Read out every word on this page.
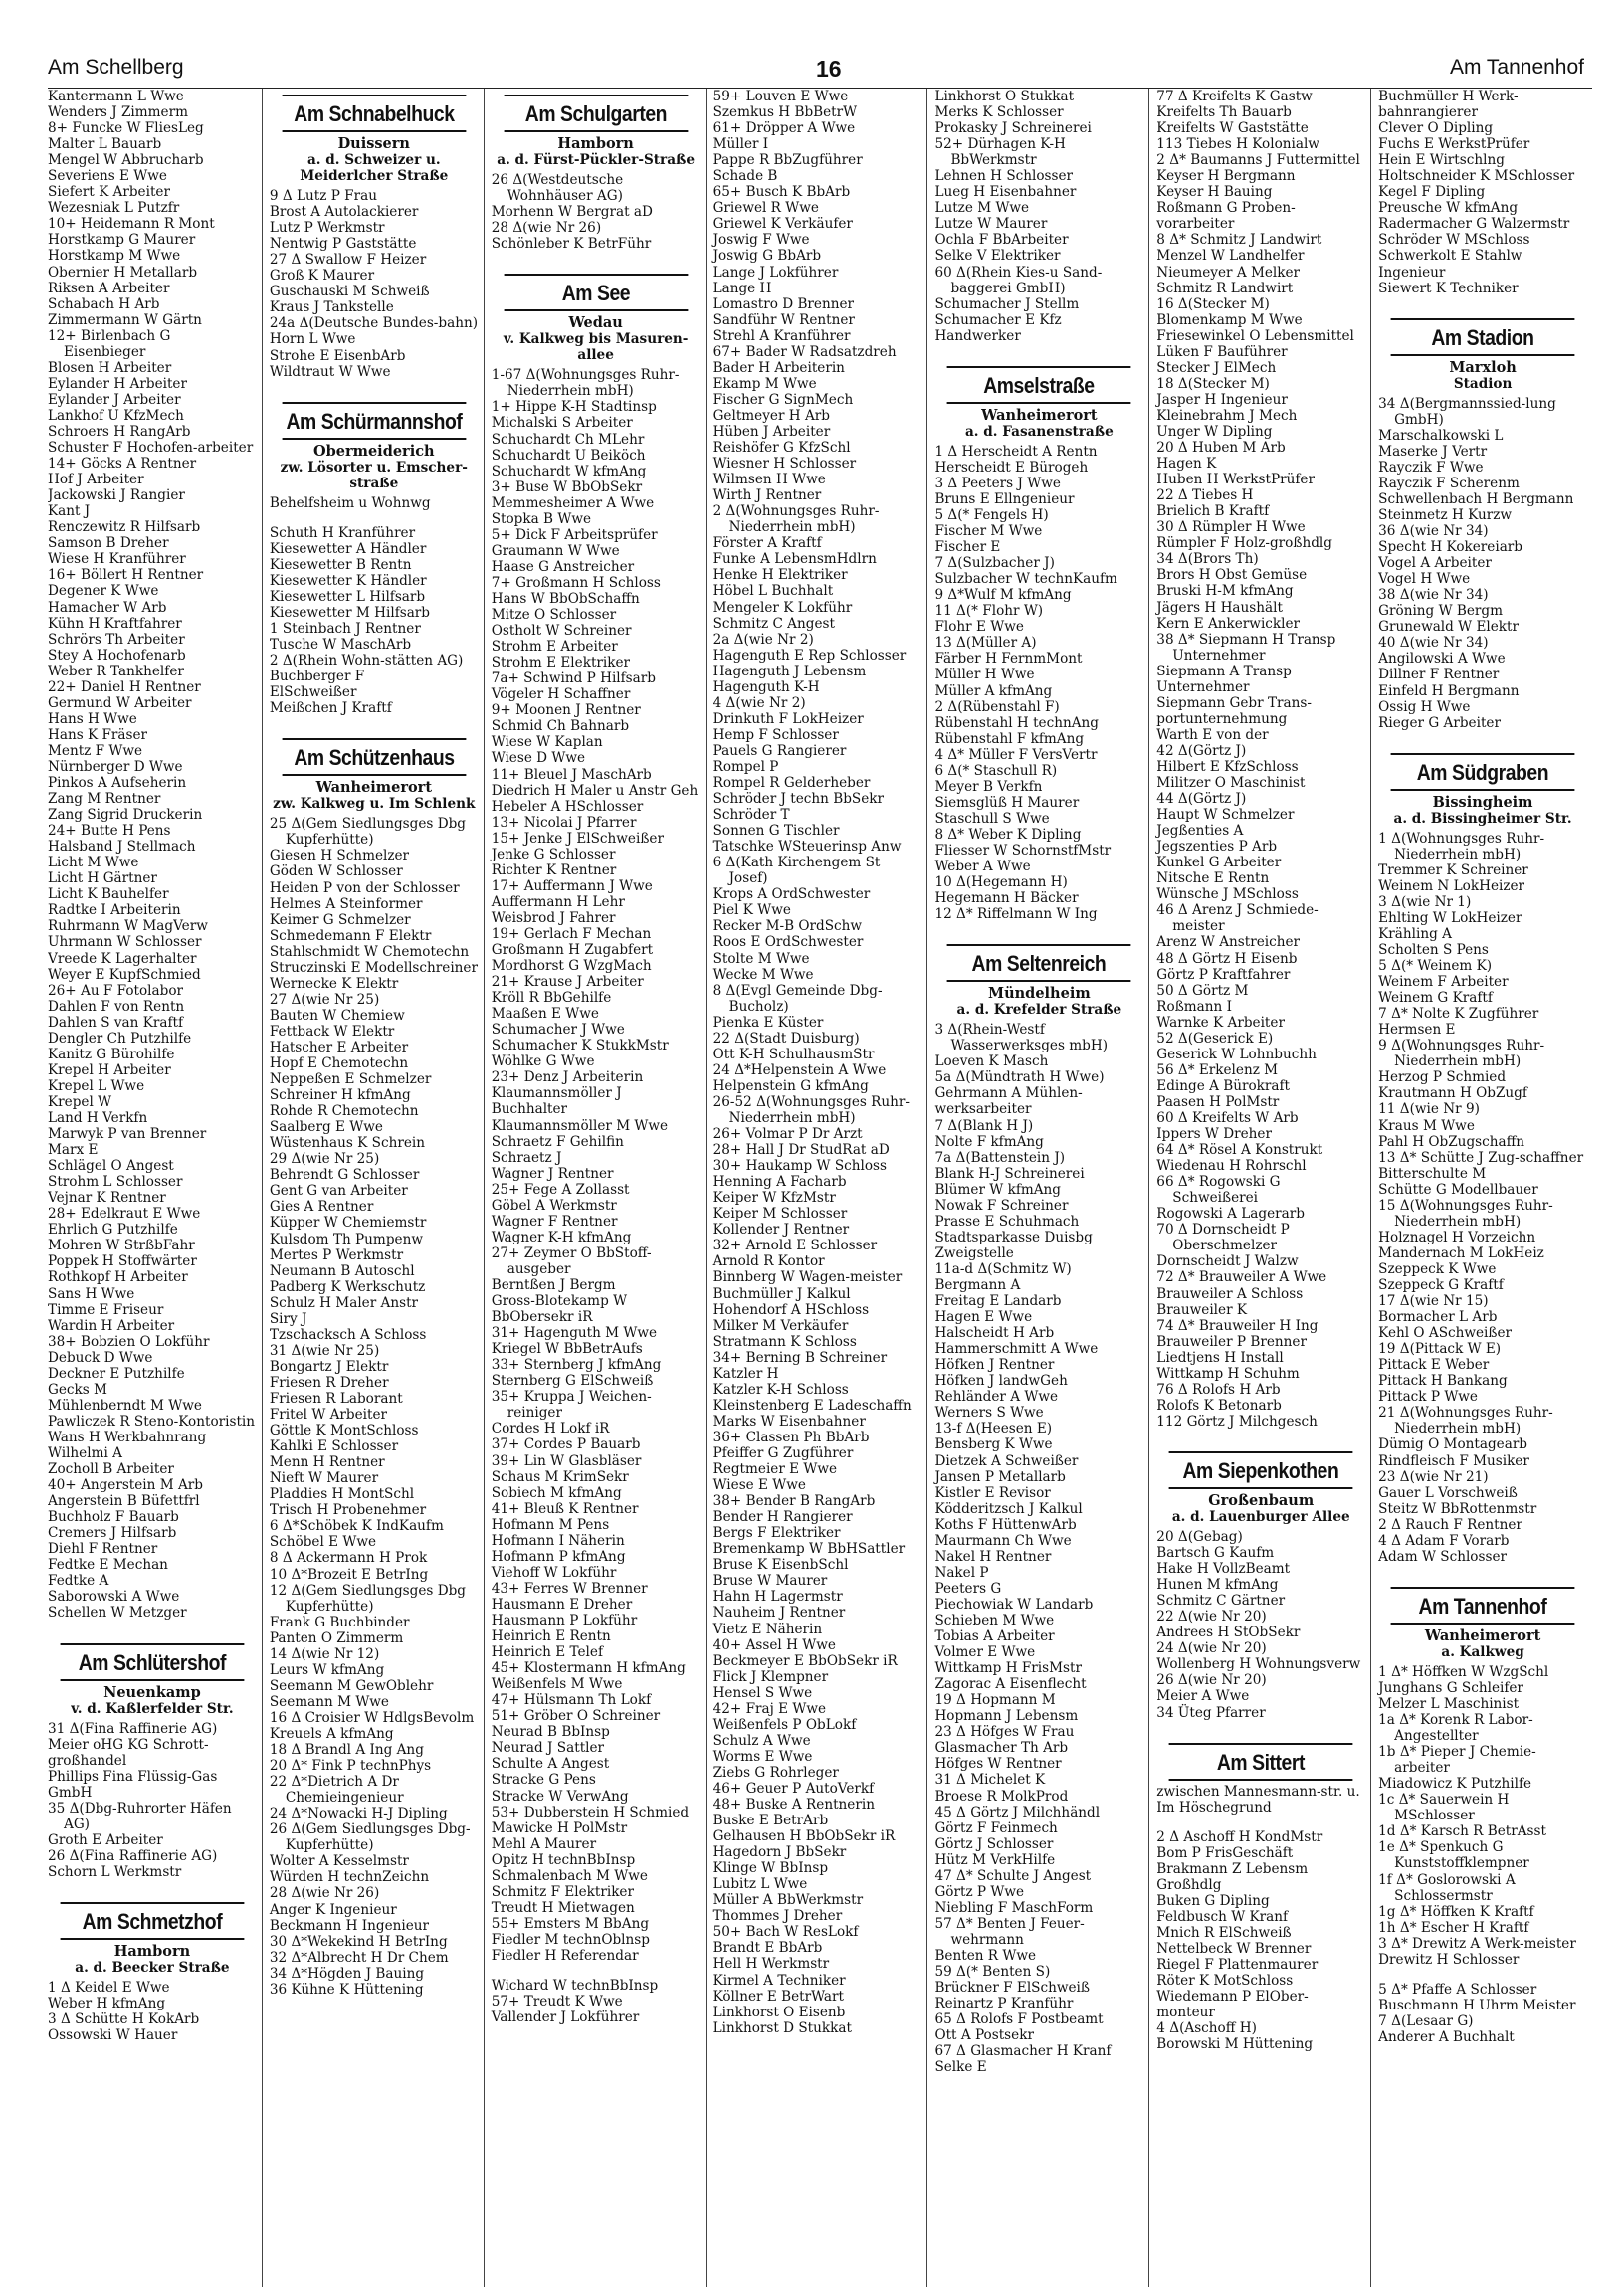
Am Schellberg	16	Am Tannenhof
Kantermann L Wwe
Wenders J Zimmerm
8+ Funcke W FliesLeg
Malter L Bauarb
Mengel W Abbrucharb
Severiens E Wwe
Siefert K Arbeiter
Wezesniak L Putzfr
10+ Heidemann R Mont
Horstkamp G Maurer
Horstkamp M Wwe
Obernier H Metallarb
Riksen A Arbeiter
Schabach H Arb
Zimmermann W Gärtn
12+ Birlenbach G Eisenbieger
Blosen H Arbeiter
Eylander H Arbeiter
Eylander J Arbeiter
Lankhof U KfzMech
Schroers H RangArb
Schuster F Hochofen-arbeiter
14+ Göcks A Rentner
Hof J Arbeiter
Jackowski J Rangier
Kant J
Renczewitz R Hilfsarb
Samson B Dreher
Wiese H Kranführer
16+ Böllert H Rentner
Degener K Wwe
Hamacher W Arb
Kühn H Kraftfahrer
Schrörs Th Arbeiter
Stey A Hochofenarb
Weber R Tankhelfer
22+ Daniel H Rentner
Germund W Arbeiter
Hans H Wwe
Hans K Fräser
Mentz F Wwe
Nürnberger D Wwe
Pinkos A Aufseherin
Zang M Rentner
Zang Sigrid Druckerin
24+ Butte H Pens
Halsband J Stellmach
Licht M Wwe
Licht H Gärtner
Licht K Bauhelfer
Radtke I Arbeiterin
Ruhrmann W MagVerw
Uhrmann W Schlosser
Vreede K Lagerhalter
Weyer E KupfSchmied
26+ Au F Fotolabor
Dahlen F von Rentn
Dahlen S van Kraftf
Dengler Ch Putzhilfe
Kanitz G Bürohilfe
Krepel H Arbeiter
Krepel L Wwe
Krepel W
Land H Verkfn
Marwyk P van Brenner
Marx E
Schlägel O Angest
Strohm L Schlosser
Vejnar K Rentner
28+ Edelkraut E Wwe
Ehrlich G Putzhilfe
Mohren W StrßbFahr
Poppek H Stoffwärter
Rothkopf H Arbeiter
Sans H Wwe
Timme E Friseur
Wardin H Arbeiter
38+ Bobzien O Lokführ
Debuck D Wwe
Deckner E Putzhilfe
Gecks M
Mühlenberndt M Wwe
Pawliczek R Steno-Kontoristin
Wans H Werkbahnrang
Wilhelmi A
Zocholl B Arbeiter
40+ Angerstein M Arb
Angerstein B Büfettfrl
Buchholz F Bauarb
Cremers J Hilfsarb
Diehl F Rentner
Fedtke E Mechan
Fedtke A
Saborowski A Wwe
Schellen W Metzger
Am Schlütershof
Neuenkamp
v. d. Kaßlerfelder Str.
31 Δ(Fina Raffinerie AG)
Meier oHG KG Schrott-großhandel
Phillips Fina Flüssig-Gas GmbH
35 Δ(Dbg-Ruhrorter Häfen AG)
Groth E Arbeiter
26 Δ(Fina Raffinerie AG)
Schorn L Werkmstr
Am Schmetzhof
Hamborn
a. d. Beecker Straße
1 Δ Keidel E Wwe
Weber H kfmAng
3 Δ Schütte H KokArb
Ossowski W Hauer
Am Schnabelhuck
Duissern
a. d. Schweizer u. Meiderlcher Straße
9 Δ Lutz P Frau
Brost A Autolackierer
Lutz P Werkmstr
Nentwig P Gaststätte
27 Δ Swallow F Heizer
Groß K Maurer
Guschauski M Schweiß
Kraus J Tankstelle
24a Δ(Deutsche Bundes-bahn)
Horn L Wwe
Strohe E EisenbArb
Wildtraut W Wwe
Am Schürmannshof
Obermeiderich
zw. Lösorter u. Emscher-straße
Behelfsheim u Wohnwg
Schuth H Kranführer
Kiesewetter A Händler
Kiesewetter B Rentn
Kiesewetter K Händler
Kiesewetter L Hilfsarb
Kiesewetter M Hilfsarb
1 Steinbach J Rentner
Tusche W MaschArb
2 Δ(Rhein Wohn-stätten AG)
Buchberger F
ElSchweißer
Meißchen J Kraftf
Am Schützenhaus
Wanheimerort
zw. Kalkweg u. Im Schlenk
25 Δ(Gem Siedlungsges Dbg Kupferhütte)
Giesen H Schmelzer
Göden W Schlosser
Heiden P von der Schlosser
Helmes A Steinformer
Keimer G Schmelzer
Schmedemann F Elektr
Stahlschmidt W Chemotechn
Struczinski E Modellschreiner
Wernecke K Elektr
27 Δ(wie Nr 25)
Bauten W Chemiew
Fettback W Elektr
Hatscher E Arbeiter
Hopf E Chemotechn
Neppeßen E Schmelzer
Schreiner H kfmAng
Rohde R Chemotechn
Saalberg E Wwe
Wüstenhaus K Schrein
29 Δ(wie Nr 25)
Behrendt G Schlosser
Gent G van Arbeiter
Gies A Rentner
Küpper W Chemiemstr
Kulsdom Th Pumpenw
Mertes P Werkmstr
Neumann B Autoschl
Padberg K Werkschutz
Schulz H Maler Anstr
Siry J
Tzschacksch A Schloss
31 Δ(wie Nr 25)
Bongartz J Elektr
Friesen R Dreher
Friesen R Laborant
Fritel W Arbeiter
Göttle K MontSchloss
Kahlki E Schlosser
Menn H Rentner
Nieft W Maurer
Pladdies H MontSchl
Trisch H Probenehmer
6 Δ*Schöbek K IndKaufm
Schöbel E Wwe
8 Δ Ackermann H Prok
10 Δ*Brozeit E BetrIng
12 Δ(Gem Siedlungsges Dbg Kupferhütte)
Frank G Buchbinder
Panten O Zimmerm
14 Δ(wie Nr 12)
Leurs W kfmAng
Seemann M GewOblehr
Seemann M Wwe
16 Δ Croisier W HdlgsBevolm
Kreuels A kfmAng
18 Δ Brandl A Ing Ang
20 Δ* Fink P technPhys
22 Δ*Dietrich A Dr Chemieingenieur
24 Δ*Nowacki H-J Dipling
26 Δ(Gem Siedlungsges Dbg-Kupferhütte)
Wolter A Kesselmstr
Würden H technZeichn
28 Δ(wie Nr 26)
Anger K Ingenieur
Beckmann H Ingenieur
30 Δ*Wekekind H BetrIng
32 Δ*Albrecht H Dr Chem
34 Δ*Högden J Bauing
36 Kühne K Hüttening
Am Schulgarten
Hamborn
a. d. Fürst-Pückler-Straße
26 Δ(Westdeutsche Wohnhäuser AG)
Morhenn W Bergrat aD
28 Δ(wie Nr 26)
Schönleber K BetrFühr
Am See
Wedau
v. Kalkweg bis Masuren-allee
1-67 Δ(Wohnungsges Ruhr-Niederrhein mbH)
1+ Hippe K-H Stadtinsp
Michalski S Arbeiter
Schuchardt Ch MLehr
Schuchardt U Beiköch
Schuchardt W kfmAng
3+ Buse W BbObSekr
Memmesheimer A Wwe
Stopka B Wwe
5+ Dick F Arbeitsprüfer
Graumann W Wwe
Haase G Anstreicher
7+ Großmann H Schloss
Hans W BbObSchaffn
Mitze O Schlosser
Ostholt W Schreiner
Strohm E Arbeiter
Strohm E Elektriker
7a+ Schwind P Hilfsarb
Vögeler H Schaffner
9+ Moonen J Rentner
Schmid Ch Bahnarb
Wiese W Kaplan
Wiese D Wwe
11+ Bleuel J MaschArb
Diedrich H Maler u Anstr Geh
Hebeler A HSchlosser
13+ Nicolai J Pfarrer
15+ Jenke J ElSchweißer
Jenke G Schlosser
Richter K Rentner
17+ Auffermann J Wwe
Auffermann H Lehr
Weisbrod J Fahrer
19+ Gerlach F Mechan
Großmann H Zugabfert
Mordhorst G WzgMach
21+ Krause J Arbeiter
Kröll R BbGehilfe
Maaßen E Wwe
Schumacher J Wwe
Schumacher K StukkMstr
Wöhlke G Wwe
23+ Denz J Arbeiterin
Klaumannsmöller J Buchhalter
Klaumannsmöller M Wwe
Schraetz F Gehilfin
Schraetz J
Wagner J Rentner
25+ Fege A Zollasst
Göbel A Werkmstr
Wagner F Rentner
Wagner K-H kfmAng
27+ Zeymer O BbStoff-ausgeber
Berntßen J Bergm
Gross-Blotekamp W BbObersekr iR
31+ Hagenguth M Wwe
Kriegel W BbBetrAufs
33+ Sternberg J kfmAng
Sternberg G ElSchweiß
35+ Kruppa J Weichen-reiniger
Cordes H Lokf iR
37+ Cordes P Bauarb
39+ Lin W Glasbläser
Schaus M KrimSekr
Sobiech M kfmAng
41+ Bleuß K Rentner
Hofmann M Pens
Hofmann I Näherin
Hofmann P kfmAng
Viehoff W Lokführ
43+ Ferres W Brenner
Hausmann E Dreher
Hausmann P Lokführ
Heinrich E Rentn
Heinrich E Telef
45+ Klostermann H kfmAng
Weißenfels M Wwe
47+ Hülsmann Th Lokf
51+ Gröber O Schreiner
Neurad B BbInsp
Neurad J Sattler
Schulte A Angest
Stracke G Pens
Stracke W VerwAng
53+ Dubberstein H Schmied
Mawicke H PolMstr
Mehl A Maurer
Opitz H technBbInsp
Schmalenbach M Wwe
Schmitz F Elektriker
Treudt H Mietwagen
55+ Emsters M BbAng
Fiedler M technOblnsp
Fiedler H Referendar
Wichard W technBbInsp
57+ Treudt K Wwe
Vallender J Lokführer
59+ Louven E Wwe
Szemkus H BbBetrW
61+ Dröpper A Wwe
Müller I
Pappe R BbZugführer
Schade B
65+ Busch K BbArb
Griewel R Wwe
Griewel K Verkäufer
Joswig F Wwe
Joswig G BbArb
Lange J Lokführer
Lange H
Lomastro D Brenner
Sandführ W Rentner
Strehl A Kranführer
67+ Bader W Radsatzdreh
Bader H Arbeiterin
Ekamp M Wwe
Fischer G SignMech
Geltmeyer H Arb
Hüben J Arbeiter
Reishöfer G KfzSchl
Wiesner H Schlosser
Wilmsen H Wwe
Wirth J Rentner
2 Δ(Wohnungsges Ruhr-Niederrhein mbH)
Förster A Kraftf
Funke A LebensmHdlrn
Henke H Elektriker
Höbel L Buchhalt
Mengeler K Lokführ
Schmitz C Angest
2a Δ(wie Nr 2)
Hagenguth E Rep Schlosser
Hagenguth J Lebensm
Hagenguth K-H
4 Δ(wie Nr 2)
Drinkuth F LokHeizer
Hemp F Schlosser
Pauels G Rangierer
Rompel P
Rompel R Gelderheber
Schröder J techn BbSekr
Schröder T
Sonnen G Tischler
Tatschke WSteuerinsp Anw
6 Δ(Kath Kirchengem St Josef)
Krops A OrdSchwester
Piel K Wwe
Recker M-B OrdSchw
Roos E OrdSchwester
Stolte M Wwe
Wecke M Wwe
8 Δ(Evgl Gemeinde Dbg-Bucholz)
Pienka E Küster
22 Δ(Stadt Duisburg)
Ott K-H SchulhausmStr
24 Δ*Helpenstein A Wwe
Helpenstein G kfmAng
26-52 Δ(Wohnungsges Ruhr-Niederrhein mbH)
26+ Volmar P Dr Arzt
28+ Hall J Dr StudRat aD
30+ Haukamp W Schloss
Henning A Facharb
Keiper W KfzMstr
Keiper M Schlosser
Kollender J Rentner
32+ Arnold E Schlosser
Arnold R Kontor
Binnberg W Wagen-meister
Buchmüller J Kalkul
Hohendorf A HSchloss
Milker M Verkäufer
Stratmann K Schloss
34+ Berning B Schreiner
Katzler H
Katzler K-H Schloss
Kleinstenberg E Ladeschaffn
Marks W Eisenbahner
36+ Classen Ph BbArb
Pfeiffer G Zugführer
Regtmeier E Wwe
Wiese E Wwe
38+ Bender B RangArb
Bender H Rangierer
Bergs F Elektriker
Bremenkamp W BbHSattler
Bruse K EisenbSchl
Bruse W Maurer
Hahn H Lagermstr
Nauheim J Rentner
Vietz E Näherin
40+ Assel H Wwe
Beckmeyer E BbObSekr iR
Flick J Klempner
Hensel S Wwe
42+ Fraj E Wwe
Weißenfels P ObLokf
Schulz A Wwe
Worms E Wwe
Ziebs G Rohrleger
46+ Geuer P AutoVerkf
48+ Buske A Rentnerin
Buske E BetrArb
Gelhausen H BbObSekr iR
Hagedorn J BbSekr
Klinge W BbInsp
Lubitz L Wwe
Müller A BbWerkmstr
Thommes J Dreher
50+ Bach W ResLokf
Brandt E BbArb
Hell H Werkmstr
Kirmel A Techniker
Köllner E BetrWart
Linkhorst O Eisenb
Linkhorst D Stukkat
Linkhorst O Stukkat
Merks K Schlosser
Prokasky J Schreinerei
52+ Dürhagen K-H BbWerkmstr
Lehnen H Schlosser
Lueg H Eisenbahner
Lutze M Wwe
Lutze W Maurer
Ochla F BbArbeiter
Selke V Elektriker
60 Δ(Rhein Kies-u Sand-baggerei GmbH)
Schumacher J Stellm
Schumacher E Kfz Handwerker
Amselstraße
Wanheimerort
a. d. Fasanenstraße
1 Δ Herscheidt A Rentn
Herscheidt E Bürogeh
3 Δ Peeters J Wwe
Bruns E Ellngenieur
5 Δ(* Fengels H)
Fischer M Wwe
Fischer E
7 Δ(Sulzbacher J)
Sulzbacher W technKaufm
9 Δ*Wulf M kfmAng
11 Δ(* Flohr W)
Flohr E Wwe
13 Δ(Müller A)
Färber H FernmMont
Müller H Wwe
Müller A kfmAng
2 Δ(Rübenstahl F)
Rübenstahl H technAng
Rübenstahl F kfmAng
4 Δ* Müller F VersVertr
6 Δ(* Staschull R)
Meyer B Verkfn
Siemsglüß H Maurer
Staschull S Wwe
8 Δ* Weber K Dipling
Fliesser W SchornstfMstr
Weber A Wwe
10 Δ(Hegemann H)
Hegemann H Bäcker
12 Δ* Riffelmann W Ing
Am Seltenreich
Mündelheim
a. d. Krefelder Straße
3 Δ(Rhein-Westf Wasserwerksges mbH)
Loeven K Masch
5a Δ(Mündtrath H Wwe)
Gehrmann A Mühlen-werksarbeiter
7 Δ(Blank H J)
Nolte F kfmAng
7a Δ(Battenstein J)
Blank H-J Schreinerei
Blümer W kfmAng
Nowak F Schreiner
Prasse E Schuhmach
Stadtsparkasse Duisbg Zweigstelle
11a-d Δ(Schmitz W)
Bergmann A
Freitag E Landarb
Hagen E Wwe
Halscheidt H Arb
Hammerschmitt A Wwe
Höfken J Rentner
Höfken J landwGeh
Rehländer A Wwe
Werners S Wwe
13-f Δ(Heesen E)
Bensberg K Wwe
Dietzek A Schweißer
Jansen P Metallarb
Kistler E Revisor
Ködderitzsch J Kalkul
Koths F HüttenwArb
Maurmann Ch Wwe
Nakel H Rentner
Nakel P
Peeters G
Piechowiak W Landarb
Schieben M Wwe
Tobias A Arbeiter
Volmer E Wwe
Wittkamp H FrisMstr
Zagorac A Eisenflecht
19 Δ Hopmann M
Hopmann J Lebensm
23 Δ Höfges W Frau
Glasmacher Th Arb
Höfges W Rentner
31 Δ Michelet K
Broese R MolkProd
45 Δ Görtz J Milchhändl
Görtz F Feinmech
Görtz J Schlosser
Hütz M VerkHilfe
47 Δ* Schulte J Angest
Görtz P Wwe
Niebling F MaschForm
57 Δ* Benten J Feuer-wehrmann
Benten R Wwe
59 Δ(* Benten S)
Brückner F ElSchweiß
Reinartz P Kranführ
65 Δ Rolofs F Postbeamt
Ott A Postsekr
67 Δ Glasmacher H Kranf
Selke E
77 Δ Kreifelts K Gastw
Kreifelts Th Bauarb
Kreifelts W Gaststätte
113 Tiebes H Kolonialw
2 Δ* Baumanns J Futtermittel
Keyser H Bergmann
Keyser H Bauing
Roßmann G Proben-vorarbeiter
8 Δ* Schmitz J Landwirt
Menzel W Landhelfer
Nieumeyer A Melker
Schmitz R Landwirt
16 Δ(Stecker M)
Blomenkamp M Wwe
Friesewinkel O Lebensmittel
Lüken F Bauführer
Stecker J ElMech
18 Δ(Stecker M)
Jasper H Ingenieur
Kleinebrahm J Mech
Unger W Dipling
20 Δ Huben M Arb
Hagen K
Huben H WerkstPrüfer
22 Δ Tiebes H
Brielich B Kraftf
30 Δ Rümpler H Wwe
Rümpler F Holz-großhdlg
34 Δ(Brors Th)
Brors H Obst Gemüse
Bruski H-M kfmAng
Jägers H Haushält
Kern E Ankerwickler
38 Δ* Siepmann H Transp Unternehmer
Siepmann A Transp Unternehmer
Siepmann Gebr Trans-portunternehmung
Warth E von der
42 Δ(Görtz J)
Hilbert E KfzSchloss
Militzer O Maschinist
44 Δ(Görtz J)
Haupt W Schmelzer
Jegßenties A
Jegszenties P Arb
Kunkel G Arbeiter
Nitsche E Rentn
Wünsche J MSchloss
46 Δ Arenz J Schmiede-meister
Arenz W Anstreicher
48 Δ Görtz H Eisenb
Görtz P Kraftfahrer
50 Δ Görtz M
Roßmann I
Warnke K Arbeiter
52 Δ(Geserick E)
Geserick W Lohnbuchh
56 Δ* Erkelenz M
Edinge A Bürokraft
Paasen H PolMstr
60 Δ Kreifelts W Arb
Ippers W Dreher
64 Δ* Rösel A Konstrukt
Wiedenau H Rohrschl
66 Δ* Rogowski G Schweißerei
Rogowski A Lagerarb
70 Δ Dornscheidt P Oberschmelzer
Dornscheidt J Walzw
72 Δ* Brauweiler A Wwe
Brauweiler A Schloss
Brauweiler K
74 Δ* Brauweiler H Ing
Brauweiler P Brenner
Liedtjens H Install
Wittkamp H Schuhm
76 Δ Rolofs H Arb
Rolofs K Betonarb
112 Görtz J Milchgesch
Am Siepenkothen
Großenbaum
a. d. Lauenburger Allee
20 Δ(Gebag)
Bartsch G Kaufm
Hake H VollzBeamt
Hunen M kfmAng
Schmitz C Gärtner
22 Δ(wie Nr 20)
Andrees H StObSekr
24 Δ(wie Nr 20)
Wollenberg H Wohnungsverw
26 Δ(wie Nr 20)
Meier A Wwe
34 Üteg Pfarrer
Am Sittert
zwischen Mannesmann-str. u. Im Höschegrund
2 Δ Aschoff H KondMstr
Bom P FrisGeschäft
Brakmann Z Lebensm Großhdlg
Buken G Dipling
Feldbusch W Kranf
Mnich R ElSchweiß
Nettelbeck W Brenner
Riegel F Plattenmaurer
Röter K MotSchloss
Wiedemann P ElOber-monteur
4 Δ(Aschoff H)
Borowski M Hüttening
Buchmüller H Werk-bahnrangierer
Clever O Dipling
Fuchs E WerkstPrüfer
Hein E Wirtschlng
Holtschneider K MSchlosser
Kegel F Dipling
Preusche W kfmAng
Radermacher G Walzermstr
Schröder W MSchloss
Schwerkolt E Stahlw Ingenieur
Siewert K Techniker
Am Stadion
Marxloh
Stadion
34 Δ(Bergmannssied-lung GmbH)
Marschalkowski L
Maserke J Vertr
Rayczik F Wwe
Rayczik F Scherenm
Schwellenbach H Bergmann
Steinmetz H Kurzw
36 Δ(wie Nr 34)
Specht H Kokereiarb
Vogel A Arbeiter
Vogel H Wwe
38 Δ(wie Nr 34)
Gröning W Bergm
Grunewald W Elektr
40 Δ(wie Nr 34)
Angilowski A Wwe
Dillner F Rentner
Einfeld H Bergmann
Ossig H Wwe
Rieger G Arbeiter
Am Südgraben
Bissingheim
a. d. Bissingheimer Str.
1 Δ(Wohnungsges Ruhr-Niederrhein mbH)
Tremmer K Schreiner
Weinem N LokHeizer
3 Δ(wie Nr 1)
Ehlting W LokHeizer
Krähling A
Scholten S Pens
5 Δ(* Weinem K)
Weinem F Arbeiter
Weinem G Kraftf
7 Δ* Nolte K Zugführer
Hermsen E
9 Δ(Wohnungsges Ruhr-Niederrhein mbH)
Herzog P Schmied
Krautmann H ObZugf
11 Δ(wie Nr 9)
Kraus M Wwe
Pahl H ObZugschaffn
13 Δ* Schütte J Zug-schaffner
Bitterschulte M
Schütte G Modellbauer
15 Δ(Wohnungsges Ruhr-Niederrhein mbH)
Holznagel H Vorzeichn
Mandernach M LokHeiz
Szeppeck K Wwe
Szeppeck G Kraftf
17 Δ(wie Nr 15)
Bormacher L Arb
Kehl O ASchweißer
19 Δ(Pittack W E)
Pittack E Weber
Pittack H Bankang
Pittack P Wwe
21 Δ(Wohnungsges Ruhr-Niederrhein mbH)
Dümig O Montagearb
Rindfleisch F Musiker
23 Δ(wie Nr 21)
Gauer L Vorschweiß
Steitz W BbRottenmstr
2 Δ Rauch F Rentner
4 Δ Adam F Vorarb
Adam W Schlosser
Am Tannenhof
Wanheimerort
a. Kalkweg
1 Δ* Höffken W WzgSchl
Junghans G Schleifer
Melzer L Maschinist
1a Δ* Korenk R Labor-Angestellter
1b Δ* Pieper J Chemie-arbeiter
Miadowicz K Putzhilfe
1c Δ* Sauerwein H MSchlosser
1d Δ* Karsch R BetrAsst
1e Δ* Spenkuch G Kunststoffklempner
1f Δ* Goslorowski A Schlossermstr
1g Δ* Höffken K Kraftf
1h Δ* Escher H Kraftf
3 Δ* Drewitz A Werk-meister
Drewitz H Schlosser
5 Δ* Pfaffe A Schlosser
Buschmann H Uhrm Meister
7 Δ(Lesaar G)
Anderer A Buchhalt
